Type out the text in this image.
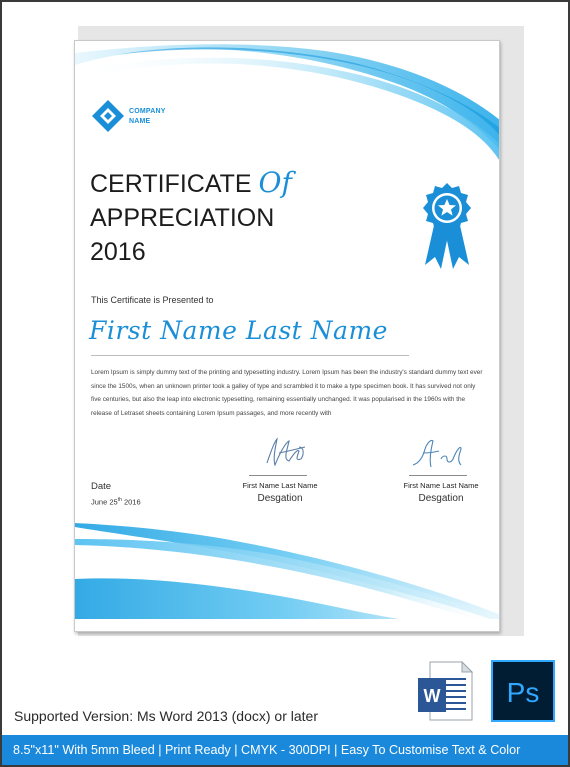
COMPANY
NAME
CERTIFICATE Of
APPRECIATION
2016
This Certificate is Presented to
First Name Last Name
Lorem Ipsum is simply dummy text of the printing and typesetting industry. Lorem Ipsum has been the industry's standard dummy text ever since the 1500s, when an unknown printer took a galley of type and scrambled it to make a type specimen book. It has survived not only five centuries, but also the leap into electronic typesetting, remaining essentially unchanged. It was popularised in the 1960s with the release of Letraset sheets containing Lorem Ipsum passages, and more recently with
First Name Last Name
Desgation
First Name Last Name
Desgation
Date
June 25th 2016
W Ps
Supported Version: Ms Word 2013 (docx) or later
8.5"x11" With 5mm Bleed | Print Ready | CMYK - 300DPI | Easy To Customise Text & Color
